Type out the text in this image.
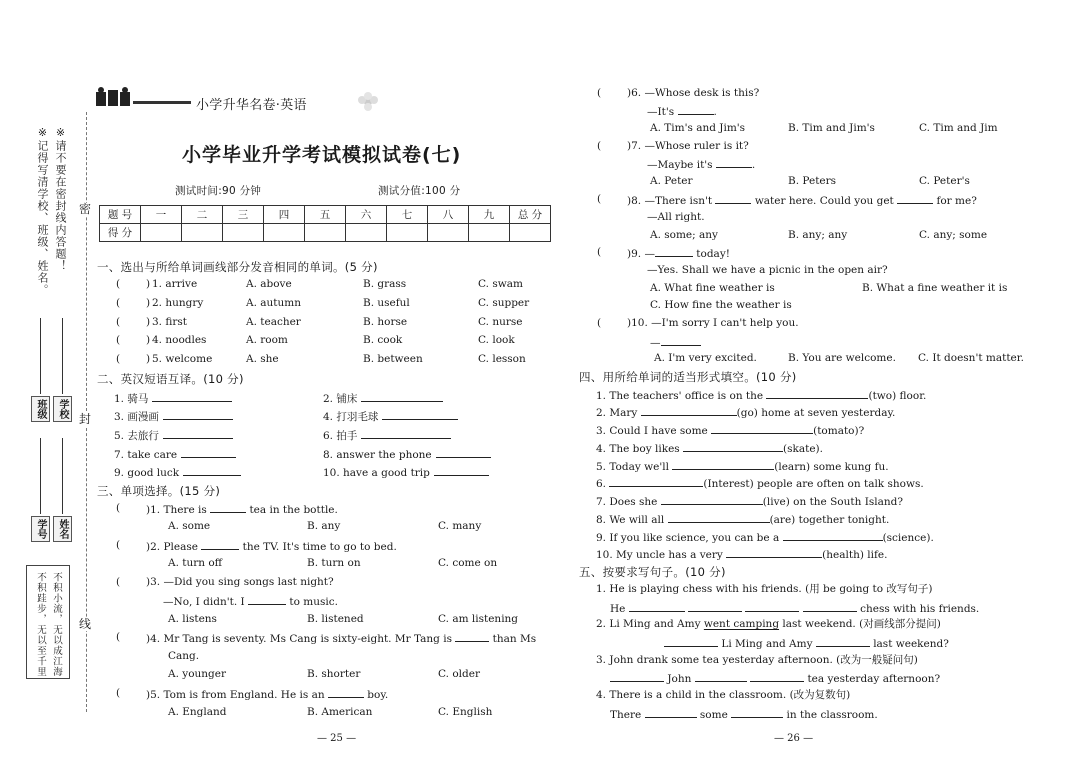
※记得写清学校、班级、姓名。 ※请不要在密封线内答题！ 密
封
线
班级	学校
学号	姓名
不积跬步，无以至千里 不积小流，无以成江海
小学升华名卷·英语
小学毕业升学考试模拟试卷(七)
测试时间:90 分钟	测试分值:100 分
题 号	一	二	三	四	五	六	七	八	九	总 分
得 分										
一、选出与所给单词画线部分发音相同的单词。(5 分)
( ) 1. arrive	A. above	B. grass	C. swam
( ) 2. hungry	A. autumn	B. useful	C. supper
( ) 3. first	A. teacher	B. horse	C. nurse
( ) 4. noodles	A. room	B. cook	C. look
( ) 5. welcome	A. she	B. between	C. lesson
二、英汉短语互译。(10 分)
1. 骑马	2. 铺床
3. 画漫画	4. 打羽毛球
5. 去旅行	6. 拍手
7. take care	8. answer the phone
9. good luck	10. have a good trip
三、单项选择。(15 分)
( )1. There is	tea in the bottle.
A. some	B. any	C. many
( )2. Please	the TV. It's time to go to bed.
A. turn off	B. turn on	C. come on
( )3. —Did you sing songs last night?
—No, I didn't. I	to music.
A. listens	B. listened	C. am listening
( )4. Mr Tang is seventy. Ms Cang is sixty-eight. Mr Tang is	than Ms
Cang.
A. younger	B. shorter	C. older
( )5. Tom is from England. He is an	boy.
A. England	B. American	C. English
— 25 —
( )6. —Whose desk is this?
—It's	.
A. Tim's and Jim's	B. Tim and Jim's	C. Tim and Jim
( )7. —Whose ruler is it?
—Maybe it's	.
A. Peter	B. Peters	C. Peter's
( )8. —There isn't	water here. Could you get	for me?
—All right.
A. some; any	B. any; any	C. any; some
( )9. —	today!
—Yes. Shall we have a picnic in the open air?
A. What fine weather is	B. What a fine weather it is
C. How fine the weather is
( )10. —I'm sorry I can't help you.
—
A. I'm very excited.	B. You are welcome. C. It doesn't matter.
四、用所给单词的适当形式填空。(10 分)
1. The teachers' office is on the	(two) floor.
2. Mary	(go) home at seven yesterday.
3. Could I have some	(tomato)?
4. The boy likes	(skate).
5. Today we'll	(learn) some kung fu.
6.	(Interest) people are often on talk shows.
7. Does she	(live) on the South Island?
8. We will all	(are) together tonight.
9. If you like science, you can be a	(science).
10. My uncle has a very	(health) life.
五、按要求写句子。(10 分)
1. He is playing chess with his friends. (用 be going to 改写句子)
He	chess with his friends.
2. Li Ming and Amy went camping last weekend. (对画线部分提问)
Li Ming and Amy	last weekend?
3. John drank some tea yesterday afternoon. (改为一般疑问句)
John	tea yesterday afternoon?
4. There is a child in the classroom. (改为复数句)
There	some	in the classroom.
— 26 —
